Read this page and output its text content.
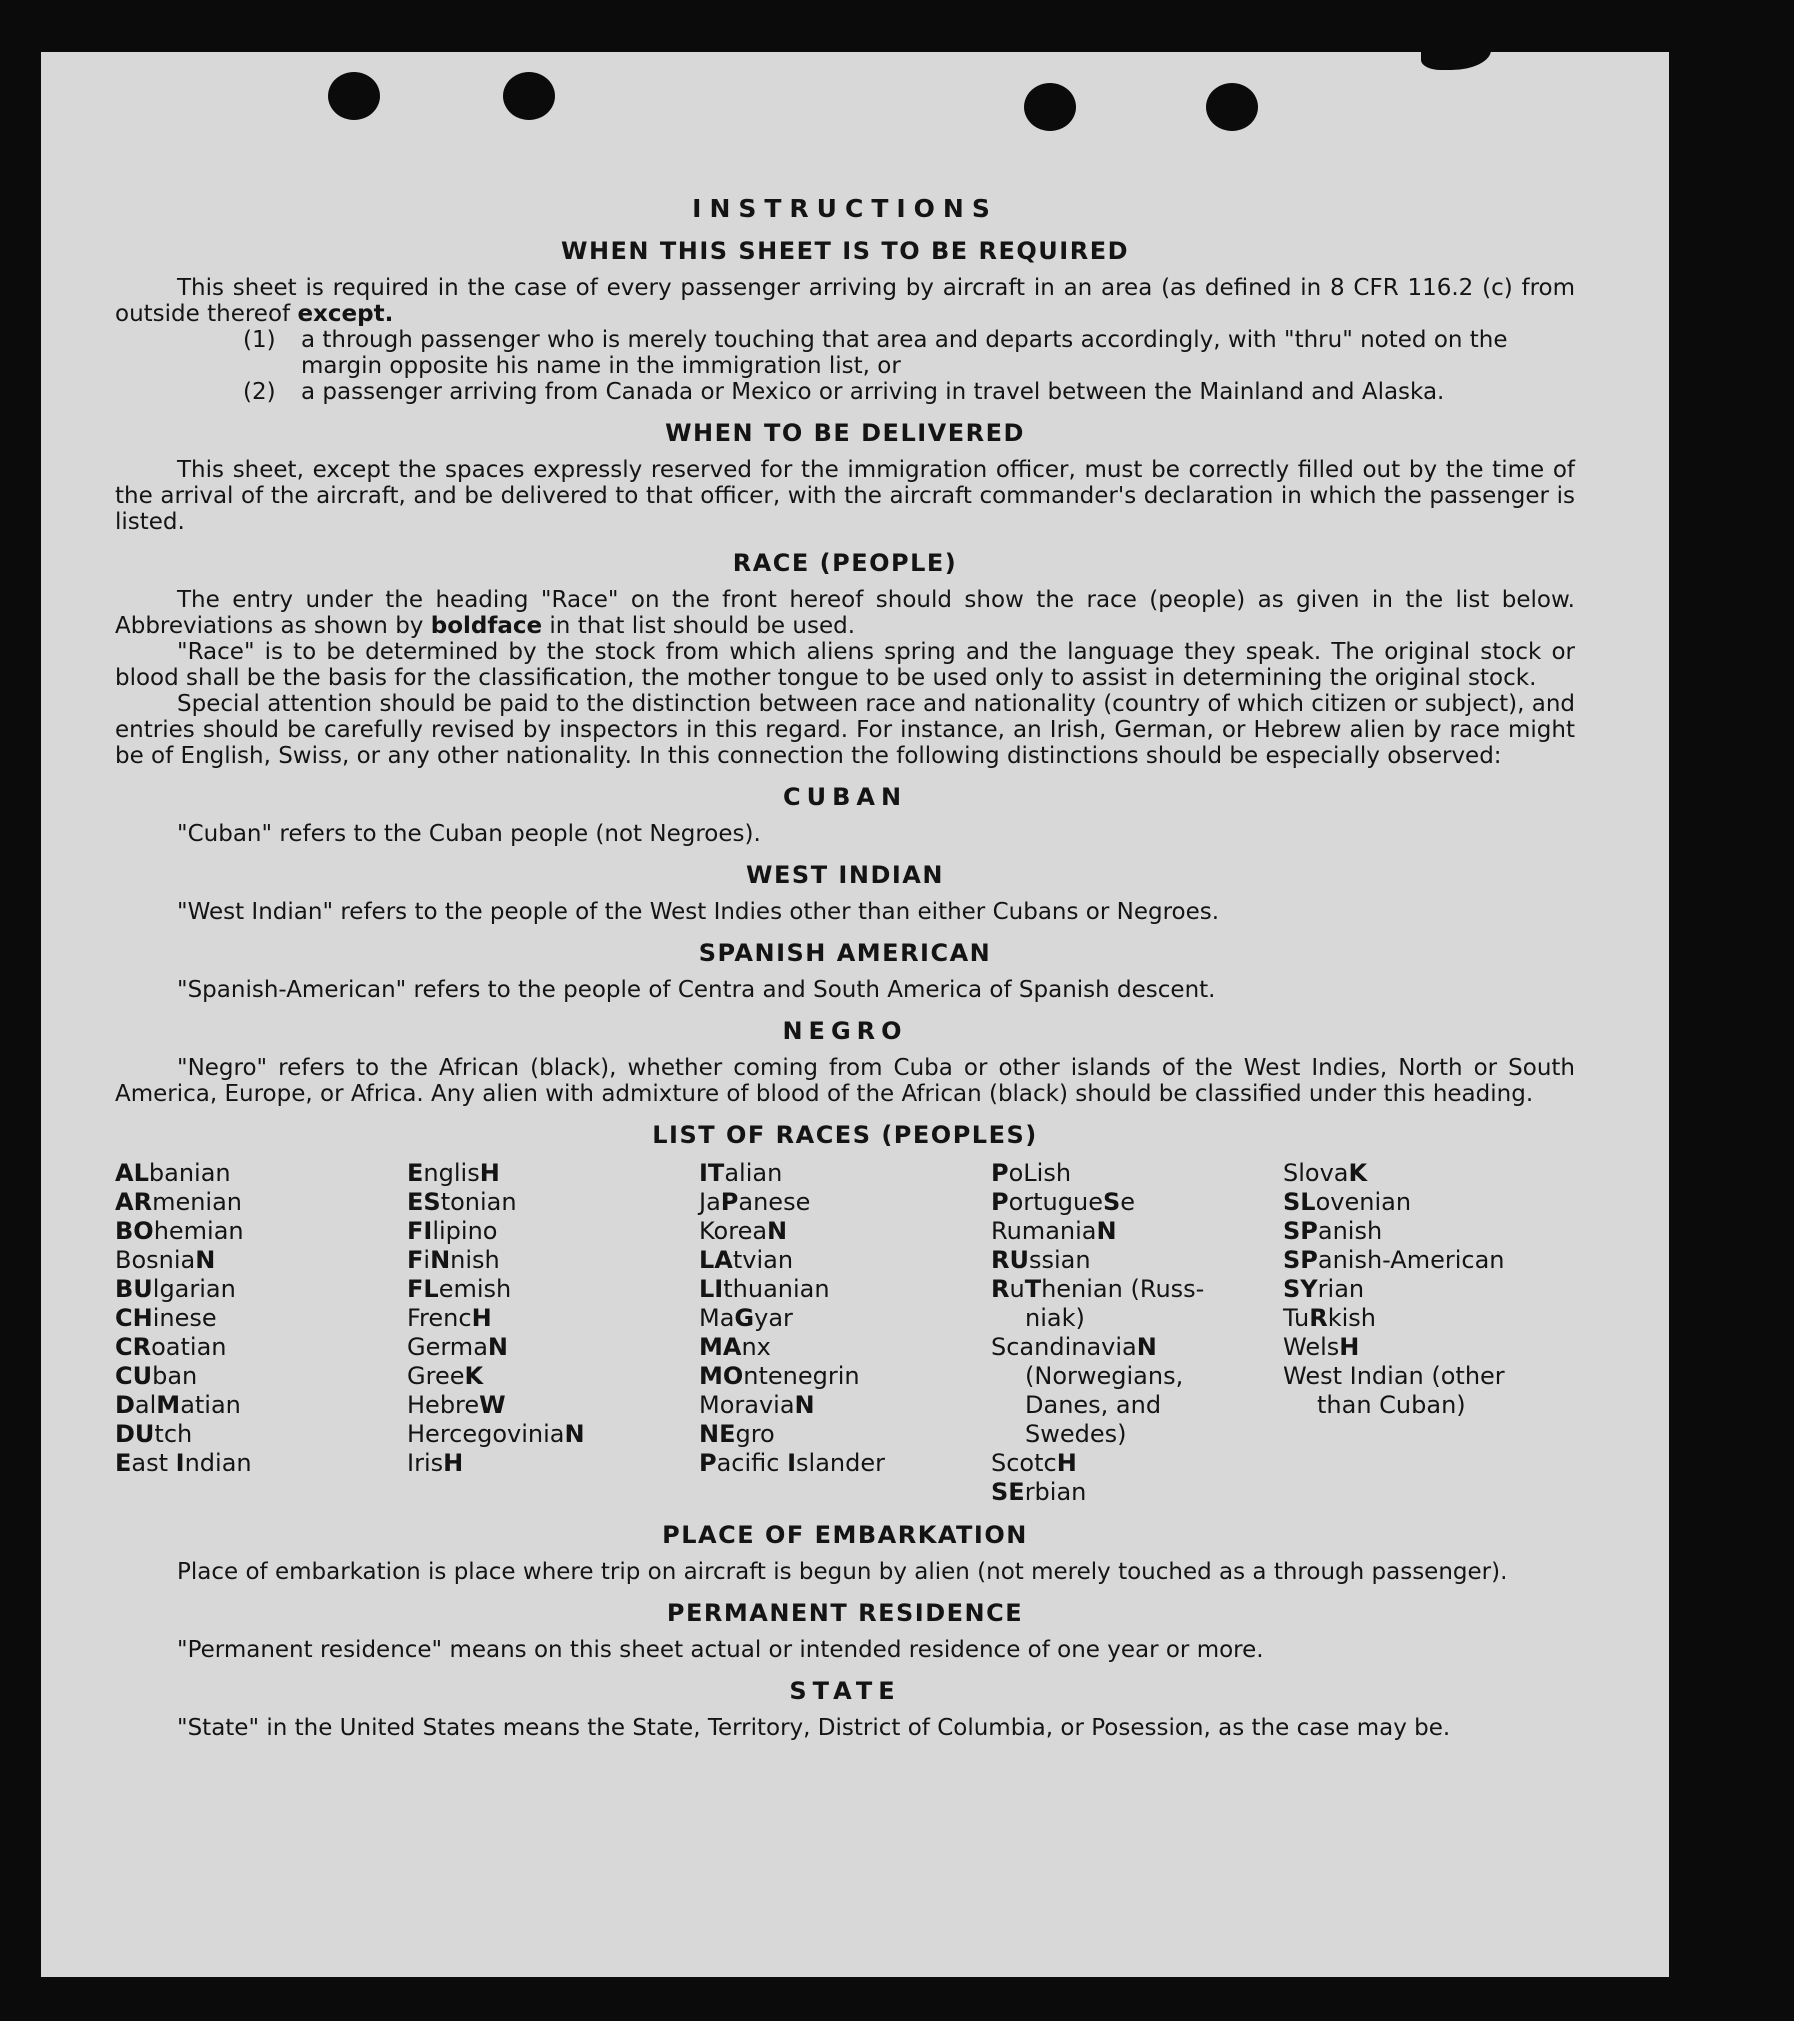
INSTRUCTIONS
WHEN THIS SHEET IS TO BE REQUIRED

This sheet is required in the case of every passenger arriving by aircraft in an area (as defined in 8 CFR 116.2 (c) from outside thereof except.

(1)	a through passenger who is merely touching that area and departs accordingly, with "thru" noted on the margin opposite his name in the immigration list, or
(2)	a passenger arriving from Canada or Mexico or arriving in travel between the Mainland and Alaska.
WHEN TO BE DELIVERED

This sheet, except the spaces expressly reserved for the immigration officer, must be correctly filled out by the time of the arrival of the aircraft, and be delivered to that officer, with the aircraft commander's declaration in which the passenger is listed.

RACE (PEOPLE)

The entry under the heading "Race" on the front hereof should show the race (people) as given in the list below. Abbreviations as shown by boldface in that list should be used.

"Race" is to be determined by the stock from which aliens spring and the language they speak. The original stock or blood shall be the basis for the classification, the mother tongue to be used only to assist in determining the original stock.

Special attention should be paid to the distinction between race and nationality (country of which citizen or subject), and entries should be carefully revised by inspectors in this regard. For instance, an Irish, German, or Hebrew alien by race might be of English, Swiss, or any other nationality. In this connection the following distinctions should be especially observed:

CUBAN

"Cuban" refers to the Cuban people (not Negroes).

WEST INDIAN

"West Indian" refers to the people of the West Indies other than either Cubans or Negroes.

SPANISH AMERICAN

"Spanish-American" refers to the people of Centra and South America of Spanish descent.

NEGRO

"Negro" refers to the African (black), whether coming from Cuba or other islands of the West Indies, North or South America, Europe, or Africa. Any alien with admixture of blood of the African (black) should be classified under this heading.

LIST OF RACES (PEOPLES)
ALbanian
ARmenian
BOhemian
BosniaN
BUlgarian
CHinese
CRoatian
CUban
DalMatian
DUtch
East Indian
EnglisH
EStonian
FIlipino
FiNnish
FLemish
FrencH
GermaN
GreeK
HebreW
HercegoviniaN
IrisH
ITalian
JaPanese
KoreaN
LAtvian
LIthuanian
MaGyar
MAnx
MOntenegrin
MoraviaN
NEgro
Pacific Islander
PoLish
PortugueSe
RumaniaN
RUssian
RuThenian (Russ-
niak)
ScandinaviaN
(Norwegians,
Danes, and
Swedes)
ScotcH
SErbian
SlovaK
SLovenian
SPanish
SPanish-American
SYrian
TuRkish
WelsH
West Indian (other
than Cuban)
PLACE OF EMBARKATION

Place of embarkation is place where trip on aircraft is begun by alien (not merely touched as a through passenger).

PERMANENT RESIDENCE

"Permanent residence" means on this sheet actual or intended residence of one year or more.

STATE

"State" in the United States means the State, Territory, District of Columbia, or Posession, as the case may be.
